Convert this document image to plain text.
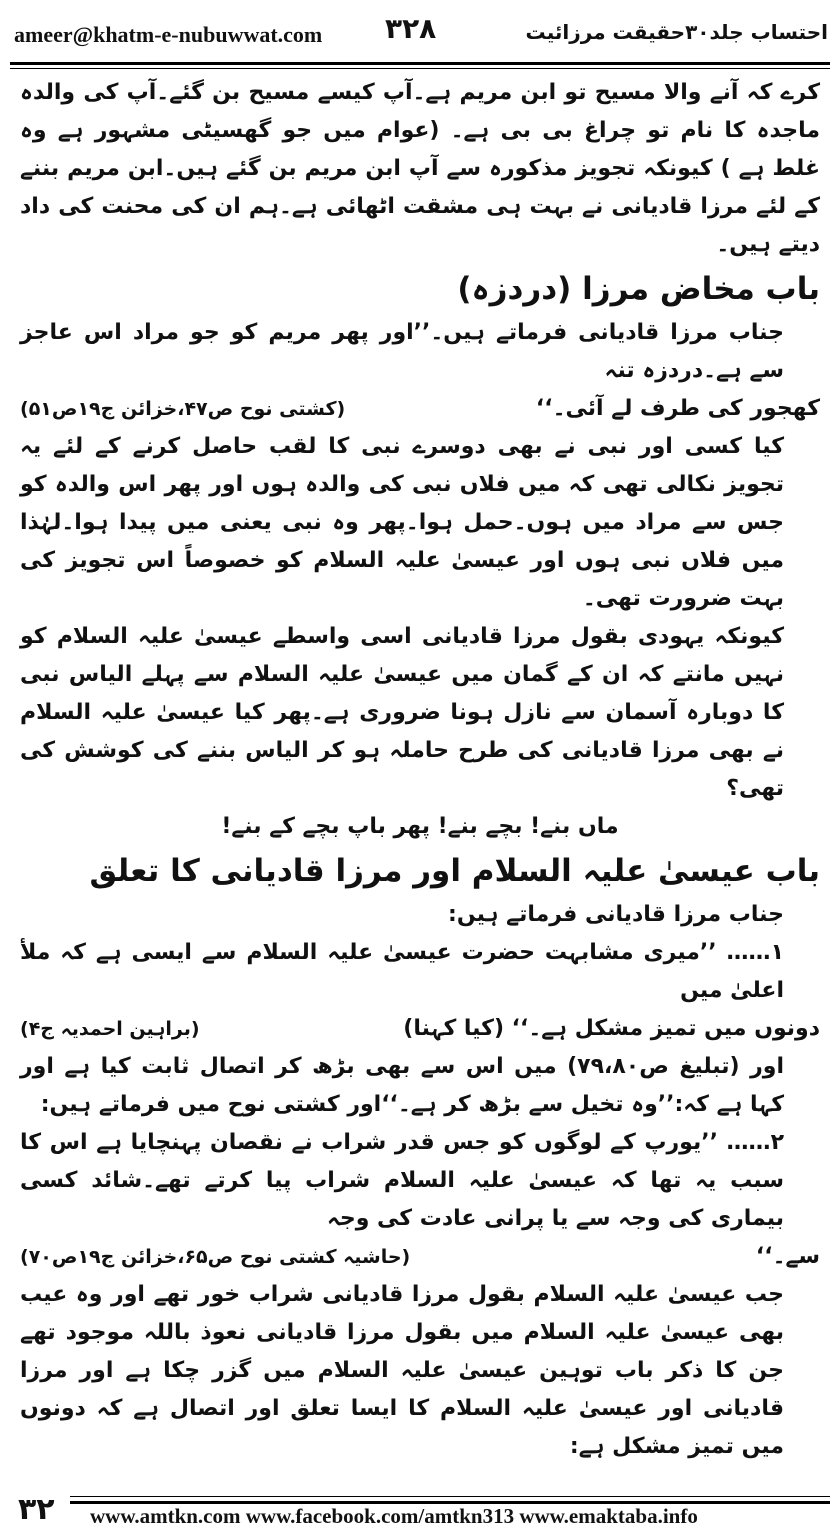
ameer@khatm-e-nubuwwat.com ۳۲۸	احتساب جلد۳۰حقیقت مرزائیت

کرے کہ آنے والا مسیح تو ابن مریم ہے۔آپ کیسے مسیح بن گئے۔آپ کی والدہ ماجدہ کا نام تو چراغ بی بی ہے۔ (عوام میں جو گھسیٹی مشہور ہے وہ غلط ہے ) کیونکہ تجویز مذکورہ سے آپ ابن مریم بن گئے ہیں۔ابن مریم بننے کے لئے مرزا قادیانی نے بہت ہی مشقت اٹھائی ہے۔ہم ان کی محنت کی داد دیتے ہیں۔

باب مخاض مرزا (دردزہ)

جناب مرزا قادیانی فرماتے ہیں۔’’اور پھر مریم کو جو مراد اس عاجز سے ہے۔دردزہ تنہ

کھجور کی طرف لے آئی۔‘‘
(کشتی نوح ص۴۷،خزائن ج۱۹ص۵۱)

کیا کسی اور نبی نے بھی دوسرے نبی کا لقب حاصل کرنے کے لئے یہ تجویز نکالی تھی کہ میں فلاں نبی کی والدہ ہوں اور پھر اس والدہ کو جس سے مراد میں ہوں۔حمل ہوا۔پھر وہ نبی یعنی میں پیدا ہوا۔لہٰذا میں فلاں نبی ہوں اور عیسیٰ علیہ السلام کو خصوصاً اس تجویز کی بہت ضرورت تھی۔

کیونکہ یہودی بقول مرزا قادیانی اسی واسطے عیسیٰ علیہ السلام کو نہیں مانتے کہ ان کے گمان میں عیسیٰ علیہ السلام سے پہلے الیاس نبی کا دوبارہ آسمان سے نازل ہونا ضروری ہے۔پھر کیا عیسیٰ علیہ السلام نے بھی مرزا قادیانی کی طرح حاملہ ہو کر الیاس بننے کی کوشش کی تھی؟

ماں بنے! بچے بنے! پھر باپ بچے کے بنے!

باب عیسیٰ علیہ السلام اور مرزا قادیانی کا تعلق

جناب مرزا قادیانی فرماتے ہیں:

۱…… ’’میری مشابہت حضرت عیسیٰ علیہ السلام سے ایسی ہے کہ ملأ اعلیٰ میں

دونوں میں تمیز مشکل ہے۔‘‘ (کیا کہنا)
(براہین احمدیہ ج۴)

اور (تبلیغ ص۷۹،۸۰) میں اس سے بھی بڑھ کر اتصال ثابت کیا ہے اور کہا ہے کہ:’’وہ تخیل سے بڑھ کر ہے۔‘‘اور کشتی نوح میں فرماتے ہیں:

۲…… ’’یورپ کے لوگوں کو جس قدر شراب نے نقصان پہنچایا ہے اس کا سبب یہ تھا کہ عیسیٰ علیہ السلام شراب پیا کرتے تھے۔شائد کسی بیماری کی وجہ سے یا پرانی عادت کی وجہ

سے۔‘‘
(حاشیہ کشتی نوح ص۶۵،خزائن ج۱۹ص۷۰)

جب عیسیٰ علیہ السلام بقول مرزا قادیانی شراب خور تھے اور وہ عیب بھی عیسیٰ علیہ السلام میں بقول مرزا قادیانی نعوذ باللہ موجود تھے جن کا ذکر باب توہین عیسیٰ علیہ السلام میں گزر چکا ہے اور مرزا قادیانی اور عیسیٰ علیہ السلام کا ایسا تعلق اور اتصال ہے کہ دونوں میں تمیز مشکل ہے:

۳۲ www.amtkn.com www.facebook.com/amtkn313 www.emaktaba.info
